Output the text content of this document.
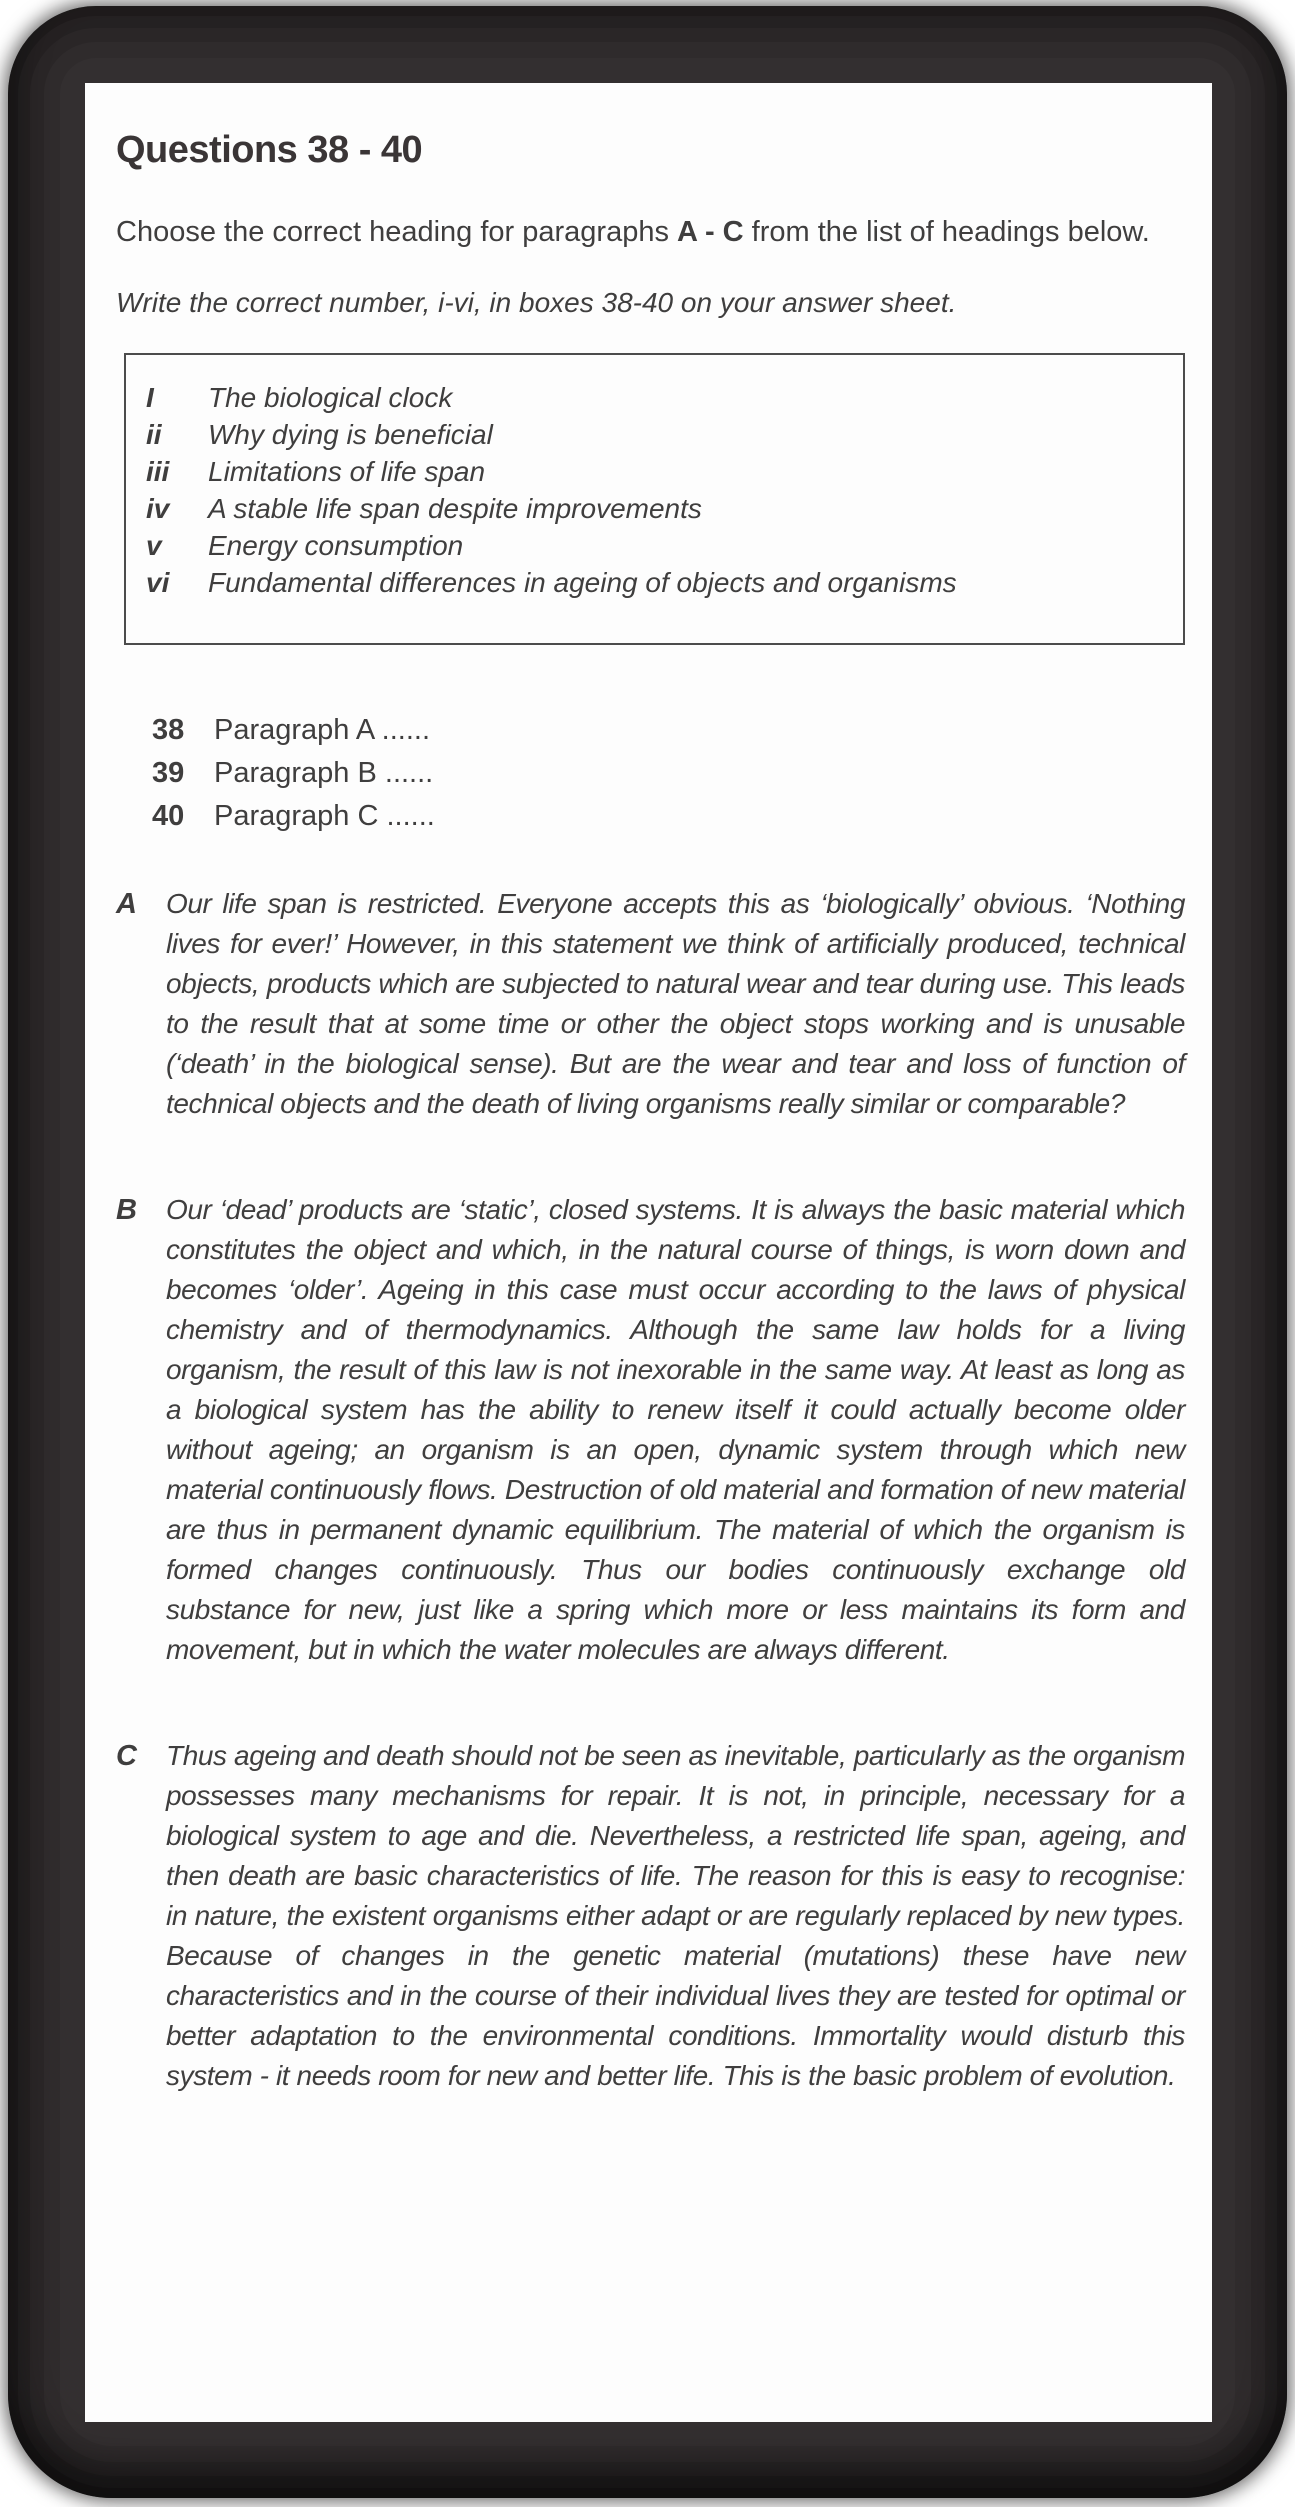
Questions 38 - 40

Choose the correct heading for paragraphs A - C from the list of headings below.

Write the correct number, i-vi, in boxes 38-40 on your answer sheet.

I	The biological clock
ii	Why dying is beneficial
iii	Limitations of life span
iv	A stable life span despite improvements
v	Energy consumption
vi	Fundamental differences in ageing of objects and organisms
38	Paragraph A ......
39	Paragraph B ......
40	Paragraph C ......
A	Our life span is restricted. Everyone accepts this as ‘biologically’ obvious. ‘Nothing lives for ever!’ However, in this statement we think of artificially produced, technical objects, products which are subjected to natural wear and tear during use. This leads to the result that at some time or other the object stops working and is unusable (‘death’ in the biological sense). But are the wear and tear and loss of function of technical objects and the death of living organisms really similar or comparable?

B	Our ‘dead’ products are ‘static’, closed systems. It is always the basic material which constitutes the object and which, in the natural course of things, is worn down and becomes ‘older’. Ageing in this case must occur according to the laws of physical chemistry and of thermodynamics. Although the same law holds for a living organism, the result of this law is not inexorable in the same way. At least as long as a biological system has the ability to renew itself it could actually become older without ageing; an organism is an open, dynamic system through which new material continuously flows. Destruction of old material and formation of new material are thus in permanent dynamic equilibrium. The material of which the organism is formed changes continuously. Thus our bodies continuously exchange old substance for new, just like a spring which more or less maintains its form and movement, but in which the water molecules are always different.

C	Thus ageing and death should not be seen as inevitable, particularly as the organism possesses many mechanisms for repair. It is not, in principle, necessary for a biological system to age and die. Nevertheless, a restricted life span, ageing, and then death are basic characteristics of life. The reason for this is easy to recognise: in nature, the existent organisms either adapt or are regularly replaced by new types. Because of changes in the genetic material (mutations) these have new characteristics and in the course of their individual lives they are tested for optimal or better adaptation to the environmental conditions. Immortality would disturb this system - it needs room for new and better life. This is the basic problem of evolution.
